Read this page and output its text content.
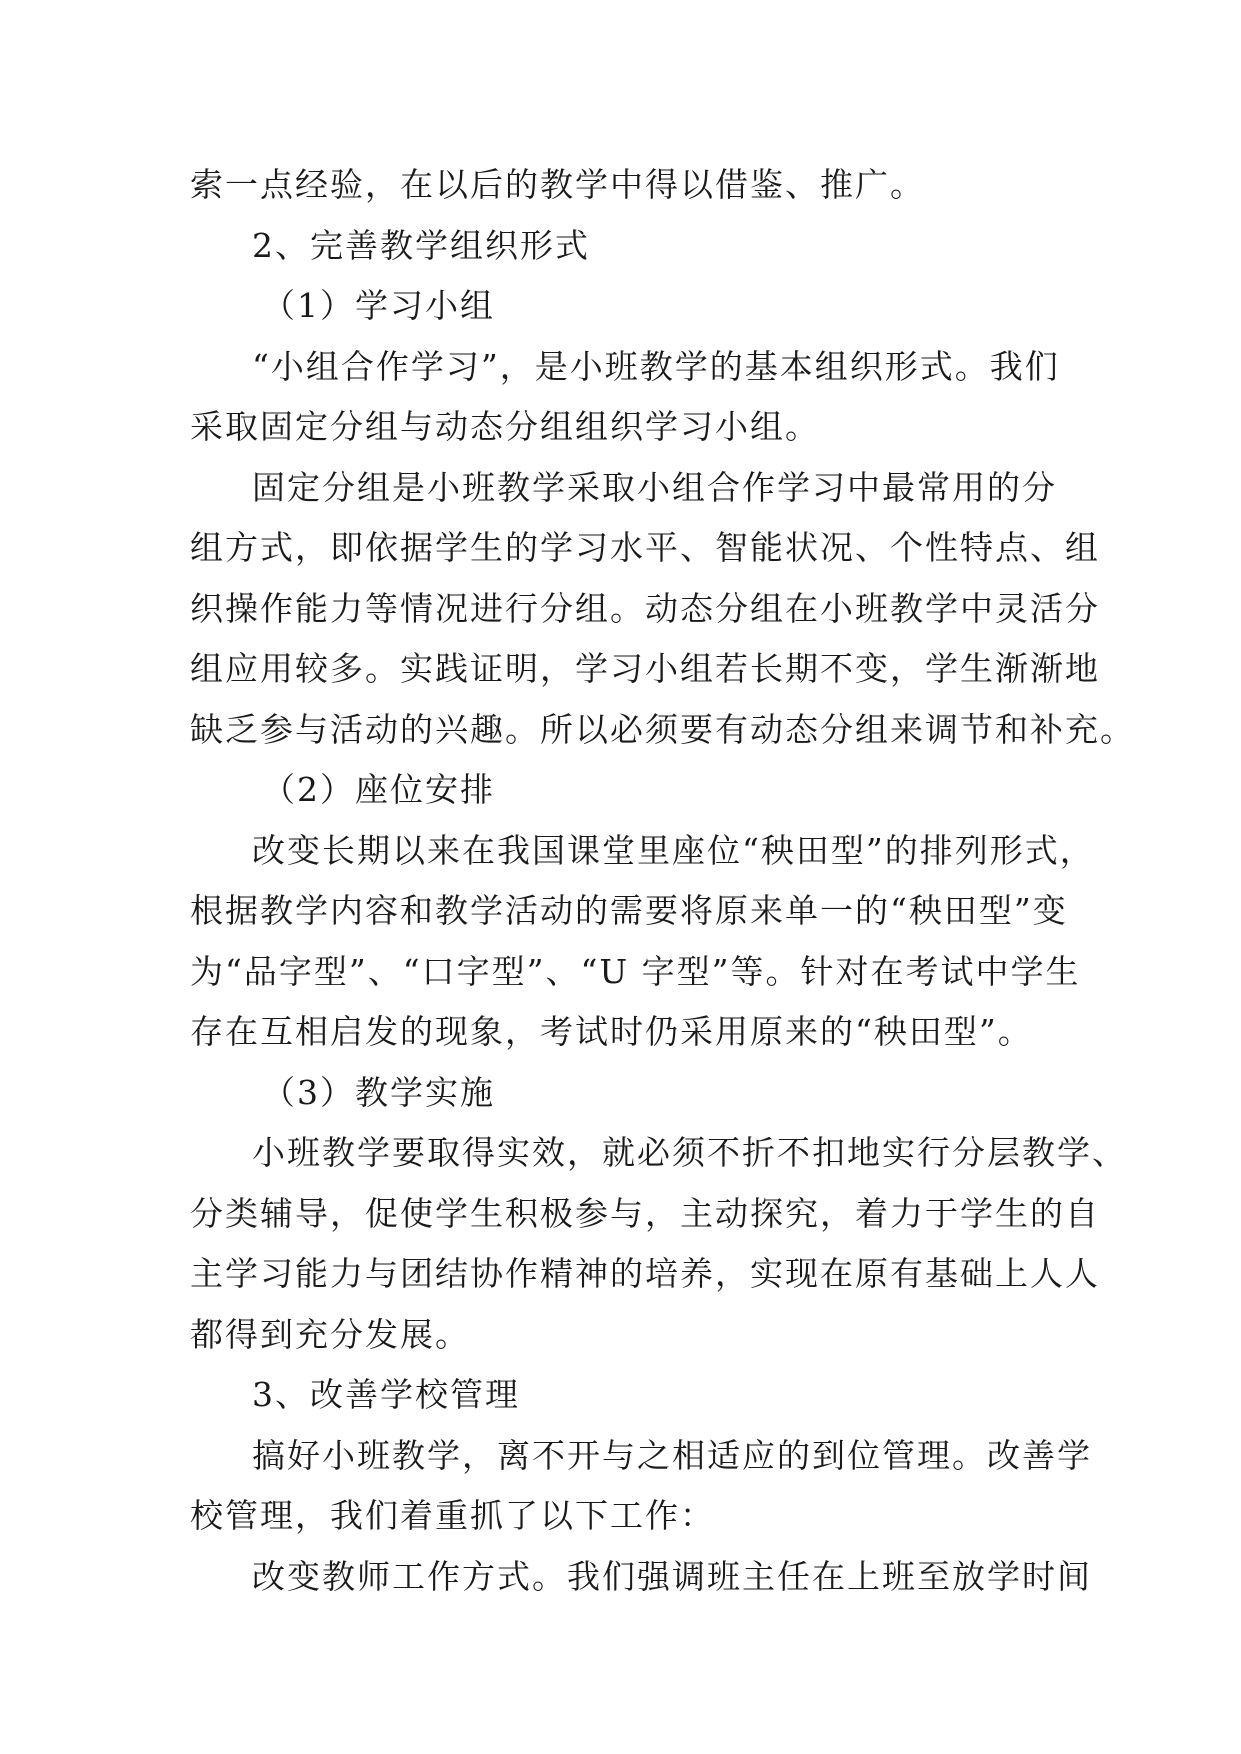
索一点经验，在以后的教学中得以借鉴、推广。
2、完善教学组织形式
（1）学习小组
“小组合作学习”，是小班教学的基本组织形式。我们
采取固定分组与动态分组组织学习小组。
固定分组是小班教学采取小组合作学习中最常用的分
组方式，即依据学生的学习水平、智能状况、个性特点、组
织操作能力等情况进行分组。动态分组在小班教学中灵活分
组应用较多。实践证明，学习小组若长期不变，学生渐渐地
缺乏参与活动的兴趣。所以必须要有动态分组来调节和补充。
（2）座位安排
改变长期以来在我国课堂里座位“秧田型”的排列形式，
根据教学内容和教学活动的需要将原来单一的“秧田型”变
为“品字型”、“口字型”、“U 字型”等。针对在考试中学生
存在互相启发的现象，考试时仍采用原来的“秧田型”。
（3）教学实施
小班教学要取得实效，就必须不折不扣地实行分层教学、
分类辅导，促使学生积极参与，主动探究，着力于学生的自
主学习能力与团结协作精神的培养，实现在原有基础上人人
都得到充分发展。
3、改善学校管理
搞好小班教学，离不开与之相适应的到位管理。改善学
校管理，我们着重抓了以下工作：
改变教师工作方式。我们强调班主任在上班至放学时间
